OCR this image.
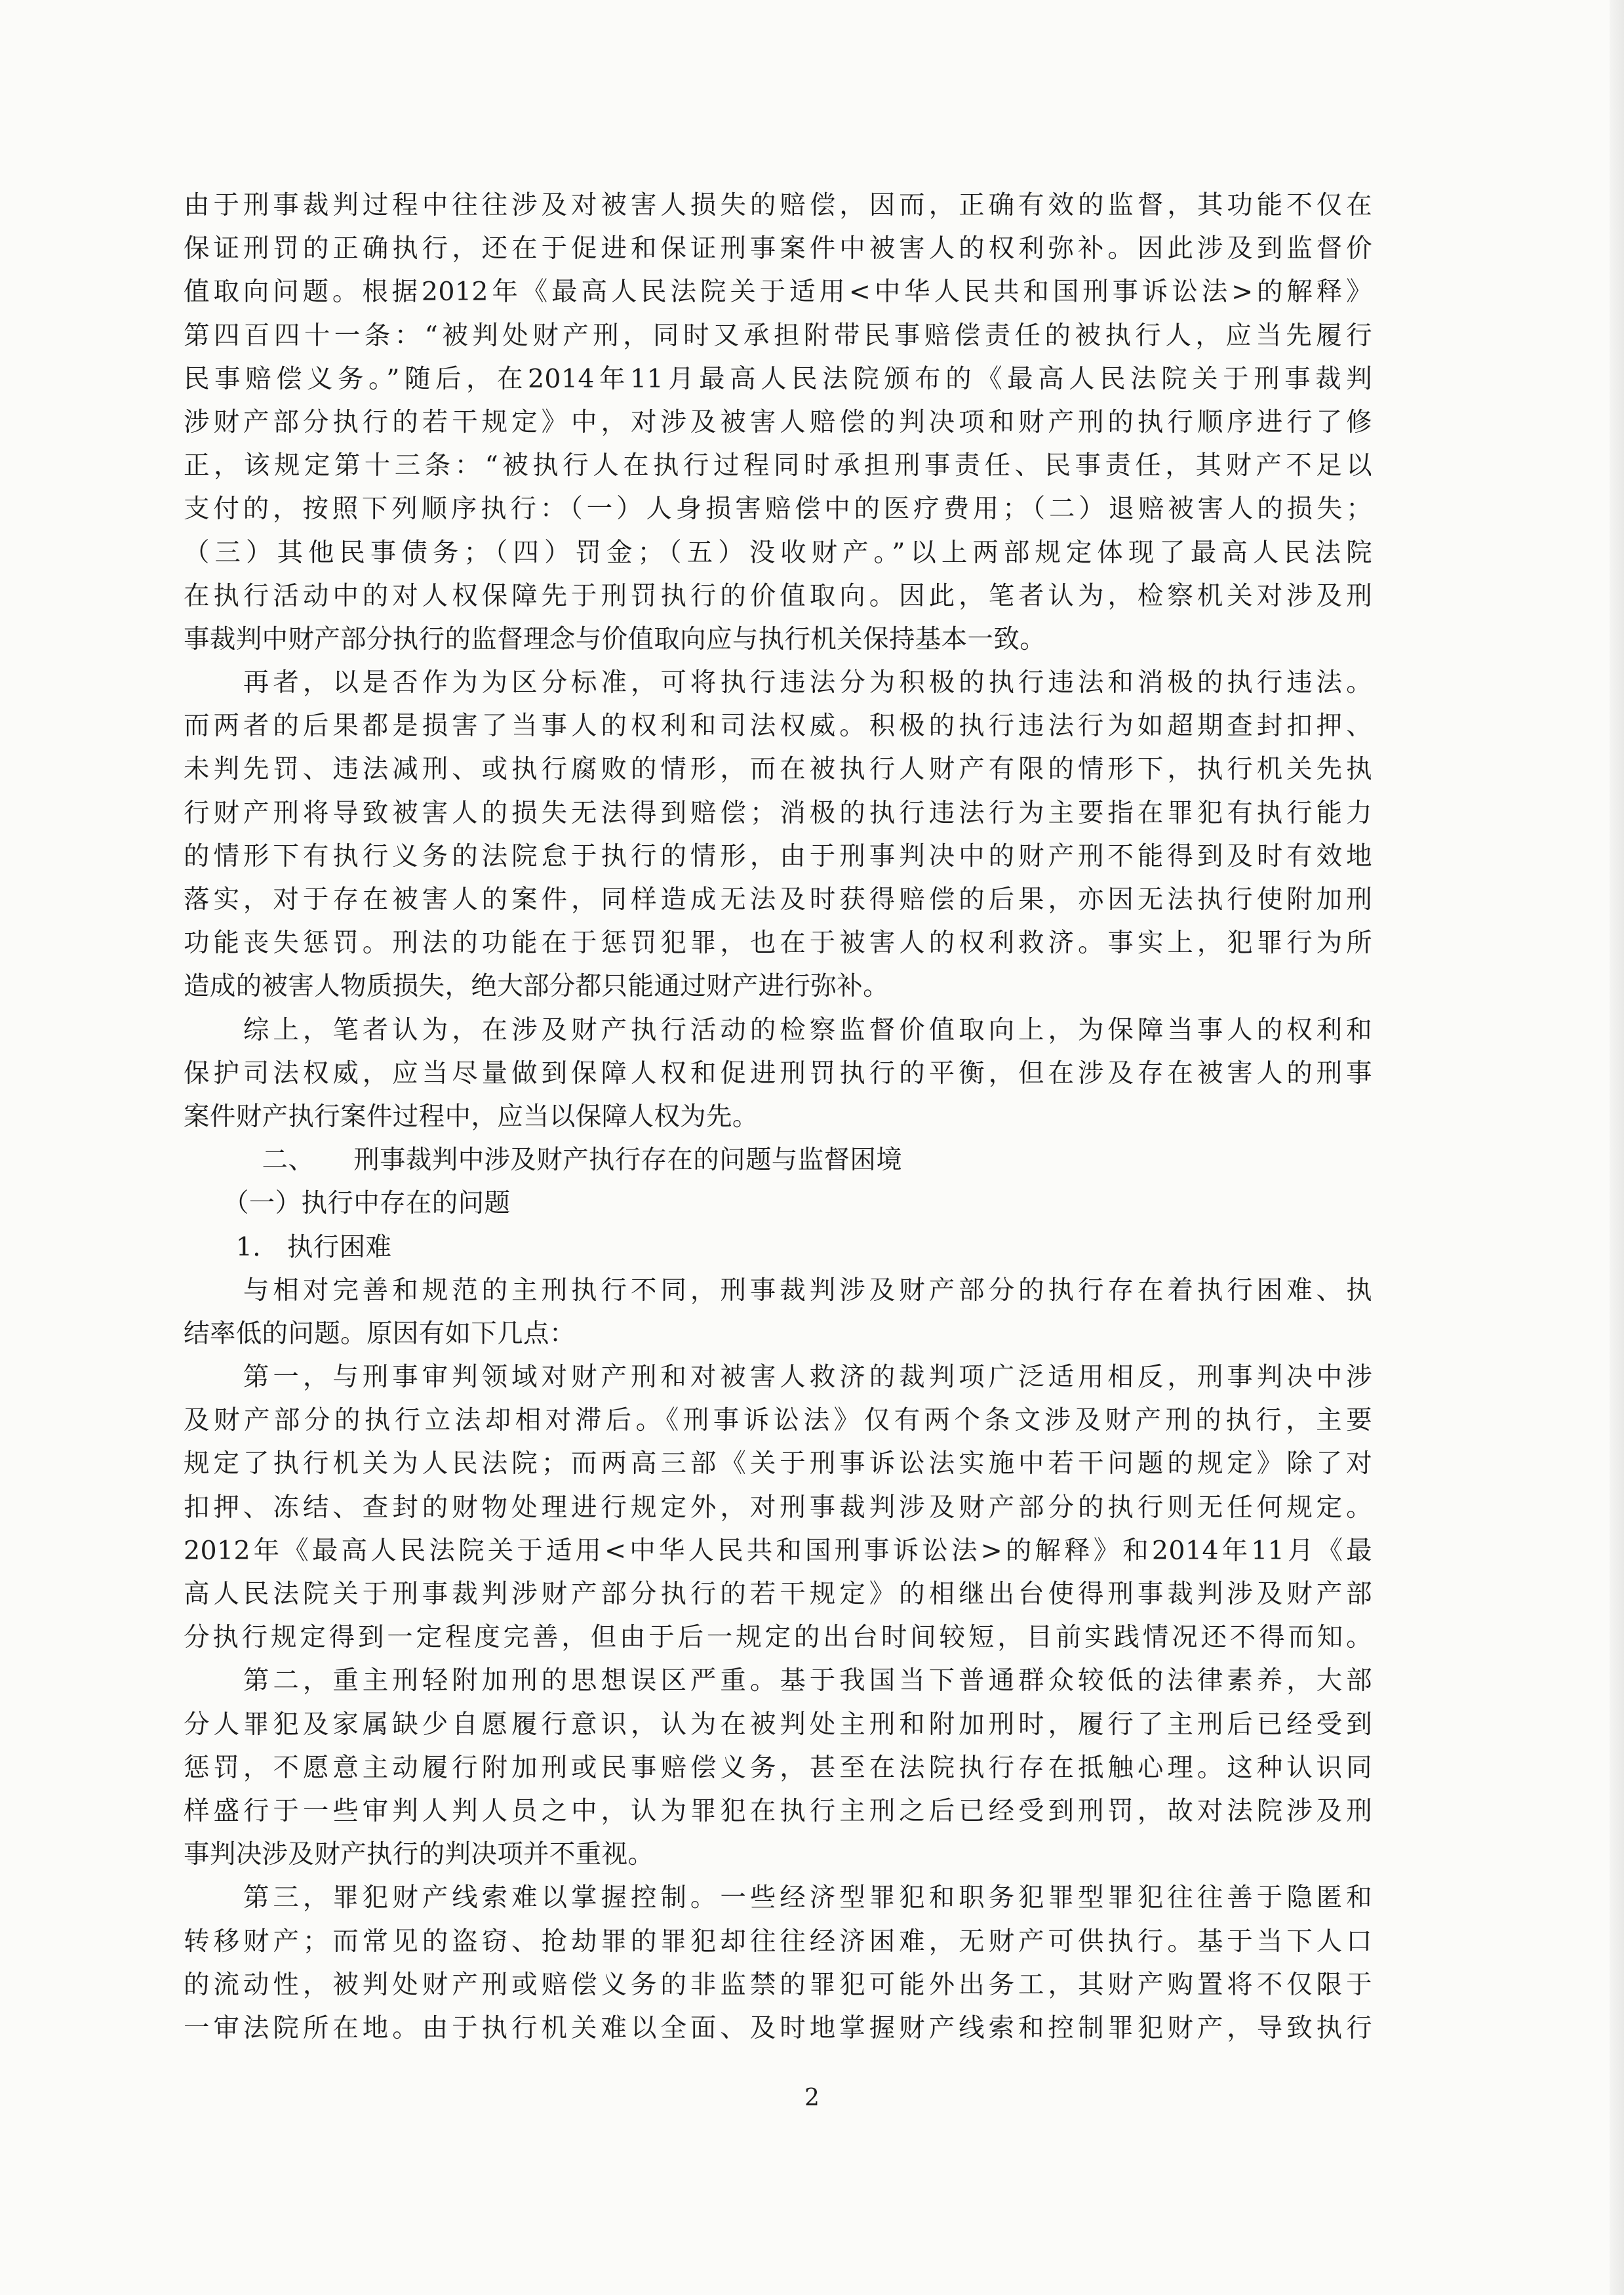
由于刑事裁判过程中往往涉及对被害人损失的赔偿，因而，正确有效的监督，其功能不仅在
保证刑罚的正确执行，还在于促进和保证刑事案件中被害人的权利弥补。因此涉及到监督价
值取向问题。根据2012年《最高人民法院关于适用<中华人民共和国刑事诉讼法>的解释》
第四百四十一条：“被判处财产刑，同时又承担附带民事赔偿责任的被执行人，应当先履行
民事赔偿义务。”随后，在2014年11月最高人民法院颁布的《最高人民法院关于刑事裁判
涉财产部分执行的若干规定》中，对涉及被害人赔偿的判决项和财产刑的执行顺序进行了修
正，该规定第十三条：“被执行人在执行过程同时承担刑事责任、民事责任，其财产不足以
支付的，按照下列顺序执行：（一）人身损害赔偿中的医疗费用；（二）退赔被害人的损失；
（三）其他民事债务；（四）罚金；（五）没收财产。”以上两部规定体现了最高人民法院
在执行活动中的对人权保障先于刑罚执行的价值取向。因此，笔者认为，检察机关对涉及刑
事裁判中财产部分执行的监督理念与价值取向应与执行机关保持基本一致。
　　再者，以是否作为为区分标准，可将执行违法分为积极的执行违法和消极的执行违法。
而两者的后果都是损害了当事人的权利和司法权威。积极的执行违法行为如超期查封扣押、
未判先罚、违法减刑、或执行腐败的情形，而在被执行人财产有限的情形下，执行机关先执
行财产刑将导致被害人的损失无法得到赔偿；消极的执行违法行为主要指在罪犯有执行能力
的情形下有执行义务的法院怠于执行的情形，由于刑事判决中的财产刑不能得到及时有效地
落实，对于存在被害人的案件，同样造成无法及时获得赔偿的后果，亦因无法执行使附加刑
功能丧失惩罚。刑法的功能在于惩罚犯罪，也在于被害人的权利救济。事实上，犯罪行为所
造成的被害人物质损失，绝大部分都只能通过财产进行弥补。
　　综上，笔者认为，在涉及财产执行活动的检察监督价值取向上，为保障当事人的权利和
保护司法权威，应当尽量做到保障人权和促进刑罚执行的平衡，但在涉及存在被害人的刑事
案件财产执行案件过程中，应当以保障人权为先。
　　　二、　　刑事裁判中涉及财产执行存在的问题与监督困境
　　（一）执行中存在的问题
　　1.　执行困难
　　与相对完善和规范的主刑执行不同，刑事裁判涉及财产部分的执行存在着执行困难、执
结率低的问题。原因有如下几点：
　　第一，与刑事审判领域对财产刑和对被害人救济的裁判项广泛适用相反，刑事判决中涉
及财产部分的执行立法却相对滞后。《刑事诉讼法》仅有两个条文涉及财产刑的执行，主要
规定了执行机关为人民法院；而两高三部《关于刑事诉讼法实施中若干问题的规定》除了对
扣押、冻结、查封的财物处理进行规定外，对刑事裁判涉及财产部分的执行则无任何规定。
2012年《最高人民法院关于适用<中华人民共和国刑事诉讼法>的解释》和2014年11月《最
高人民法院关于刑事裁判涉财产部分执行的若干规定》的相继出台使得刑事裁判涉及财产部
分执行规定得到一定程度完善，但由于后一规定的出台时间较短，目前实践情况还不得而知。
　　第二，重主刑轻附加刑的思想误区严重。基于我国当下普通群众较低的法律素养，大部
分人罪犯及家属缺少自愿履行意识，认为在被判处主刑和附加刑时，履行了主刑后已经受到
惩罚，不愿意主动履行附加刑或民事赔偿义务，甚至在法院执行存在抵触心理。这种认识同
样盛行于一些审判人判人员之中，认为罪犯在执行主刑之后已经受到刑罚，故对法院涉及刑
事判决涉及财产执行的判决项并不重视。
　　第三，罪犯财产线索难以掌握控制。一些经济型罪犯和职务犯罪型罪犯往往善于隐匿和
转移财产；而常见的盗窃、抢劫罪的罪犯却往往经济困难，无财产可供执行。基于当下人口
的流动性，被判处财产刑或赔偿义务的非监禁的罪犯可能外出务工，其财产购置将不仅限于
一审法院所在地。由于执行机关难以全面、及时地掌握财产线索和控制罪犯财产，导致执行
2
